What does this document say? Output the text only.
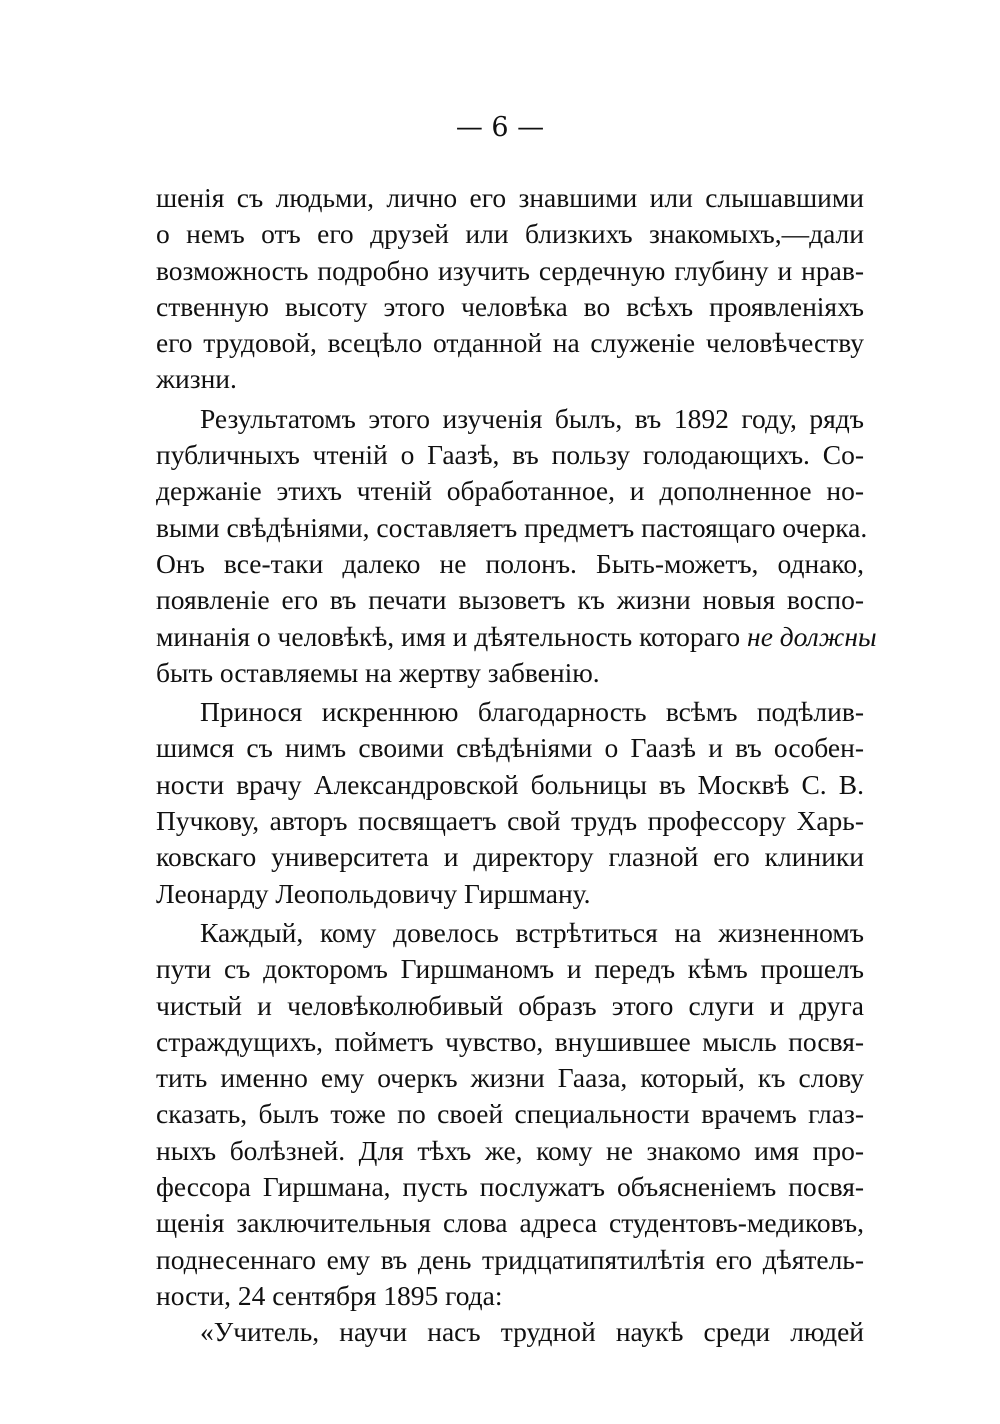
— 6 —
шенія съ людьми, лично его знавшими или слышавшими
о немъ отъ его друзей или близкихъ знакомыхъ,—дали
возможность подробно изучить сердечную глубину и нрав-
ственную высоту этого человѣка во всѣхъ проявленіяхъ
его трудовой, всецѣло отданной на служеніе человѣчеству
жизни.
Результатомъ этого изученія былъ, въ 1892 году, рядъ
публичныхъ чтеній о Гаазѣ, въ пользу голодающихъ. Со-
держаніе этихъ чтеній обработанное, и дополненное но-
выми свѣдѣніями, составляетъ предметъ пастоящаго очерка.
Онъ все-таки далеко не полонъ. Быть-можетъ, однако,
появленіе его въ печати вызоветъ къ жизни новыя воспо-
минанія о человѣкѣ, имя и дѣятельность котораго не должны
быть оставляемы на жертву забвенію.
Принося искреннюю благодарность всѣмъ подѣлив-
шимся съ нимъ своими свѣдѣніями о Гаазѣ и въ особен-
ности врачу Александровской больницы въ Москвѣ С. В.
Пучкову, авторъ посвящаетъ свой трудъ профессору Харь-
ковскаго университета и директору глазной его клиники
Леонарду Леопольдовичу Гиршману.
Каждый, кому довелось встрѣтиться на жизненномъ
пути съ докторомъ Гиршманомъ и передъ кѣмъ прошелъ
чистый и человѣколюбивый образъ этого слуги и друга
страждущихъ, пойметъ чувство, внушившее мысль посвя-
тить именно ему очеркъ жизни Гааза, который, къ слову
сказать, былъ тоже по своей специальности врачемъ глаз-
ныхъ болѣзней. Для тѣхъ же, кому не знакомо имя про-
фессора Гиршмана, пусть послужатъ объясненіемъ посвя-
щенія заключительныя слова адреса студентовъ-медиковъ,
поднесеннаго ему въ день тридцатипятилѣтія его дѣятель-
ности, 24 сентября 1895 года:
«Учитель, научи насъ трудной наукѣ среди людей
